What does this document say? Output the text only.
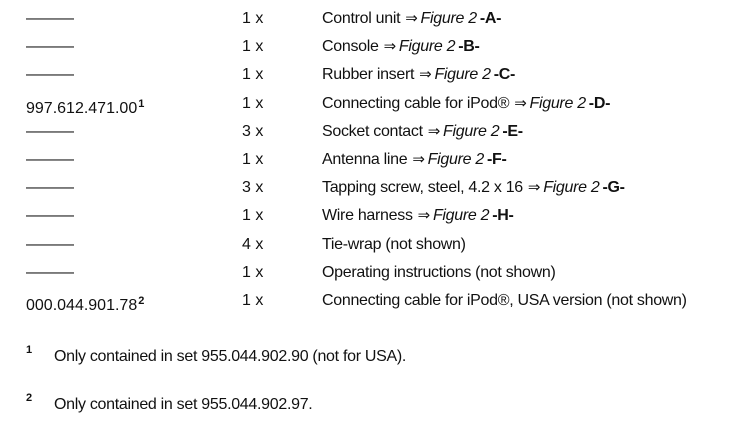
———	1 x	Control unit ⇒ Figure 2 -A-
———	1 x	Console ⇒ Figure 2 -B-
———	1 x	Rubber insert ⇒ Figure 2 -C-
997.612.471.00$^1$	1 x	Connecting cable for iPod® ⇒ Figure 2 -D-
———	3 x	Socket contact ⇒ Figure 2 -E-
———	1 x	Antenna line ⇒ Figure 2 -F-
———	3 x	Tapping screw, steel, 4.2 x 16 ⇒ Figure 2 -G-
———	1 x	Wire harness ⇒ Figure 2 -H-
———	4 x	Tie-wrap (not shown)
———	1 x	Operating instructions (not shown)
000.044.901.78$^2$	1 x	Connecting cable for iPod®, USA version (not shown)
1 Only contained in set 955.044.902.90 (not for USA).
2 Only contained in set 955.044.902.97.
